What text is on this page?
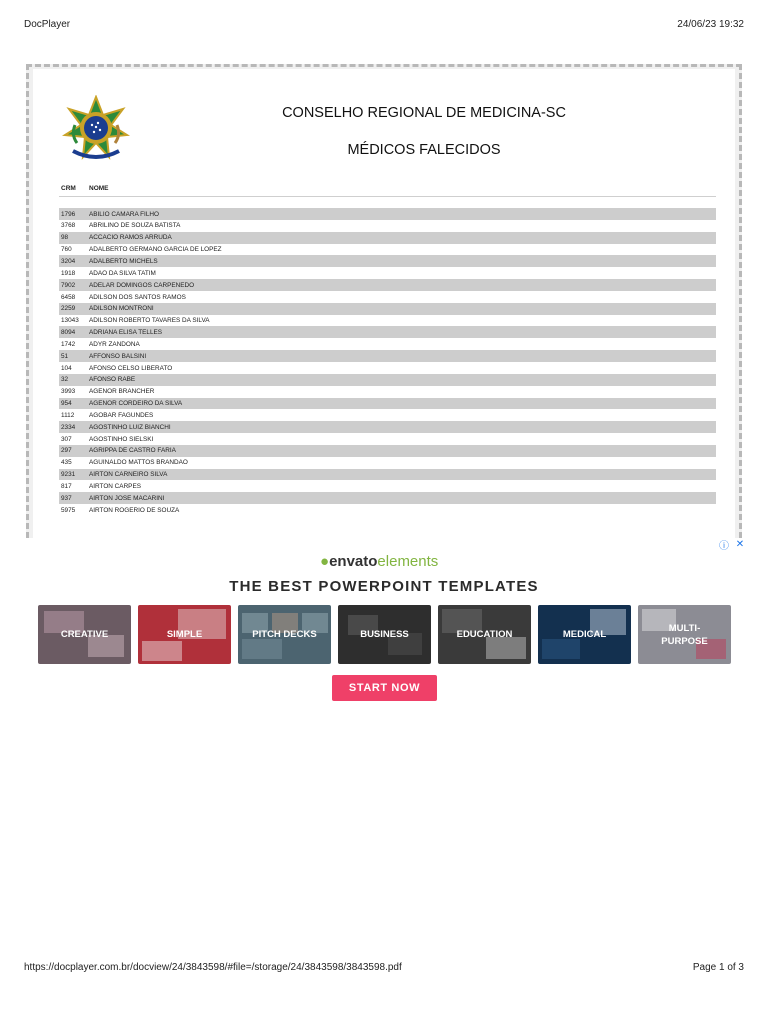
DocPlayer	24/06/23 19:32
CONSELHO REGIONAL DE MEDICINA-SC
MÉDICOS FALECIDOS
CRM NOME
1796 ABILIO CAMARA FILHO
3768 ABRILINO DE SOUZA BATISTA
98	ACCACIO RAMOS ARRUDA
760	ADALBERTO GERMANO GARCIA DE LOPEZ
3204 ADALBERTO MICHELS
1918 ADAO DA SILVA TATIM
7902 ADELAR DOMINGOS CARPENEDO
6458 ADILSON DOS SANTOS RAMOS
2259 ADILSON MONTRONI
13043 ADILSON ROBERTO TAVARES DA SILVA
8094 ADRIANA ELISA TELLES
1742 ADYR ZANDONA
51	AFFONSO BALSINI
104	AFONSO CELSO LIBERATO
32	AFONSO RABE
3993 AGENOR BRANCHER
954	AGENOR CORDEIRO DA SILVA
1112 AGOBAR FAGUNDES
2334 AGOSTINHO LUIZ BIANCHI
307	AGOSTINHO SIELSKI
297	AGRIPPA DE CASTRO FARIA
435	AGUINALDO MATTOS BRANDAO
9231 AIRTON CARNEIRO SILVA
817	AIRTON CARPES
937	AIRTON JOSE MACARINI
5975 AIRTON ROGERIO DE SOUZA
ⓘ ✕
●envatoelements
THE BEST POWERPOINT TEMPLATES
CREATIVE	SIMPLE	PITCH DECKS	BUSINESS	EDUCATION	MEDICAL
MULTI-
PURPOSE
START NOW
https://docplayer.com.br/docview/24/3843598/#file=/storage/24/3843598/3843598.pdf	Page 1 of 3
